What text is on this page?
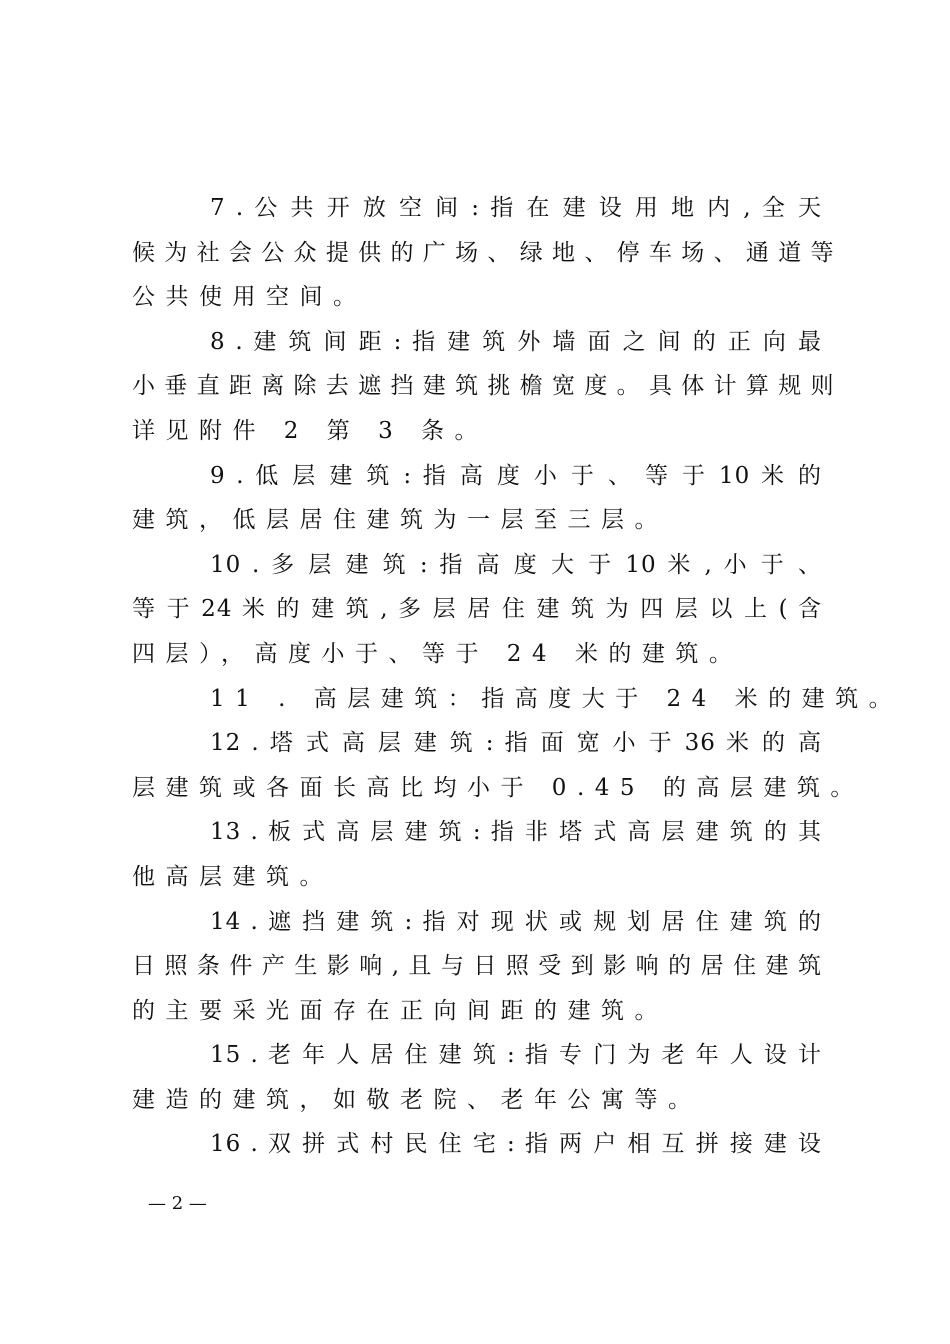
7 . 公 共 开 放 空 间 : 指 在 建 设 用 地 内 , 全 天
候 为 社 会 公 众 提 供 的 广 场 、 绿 地 、 停 车 场 、 通 道 等
公共使用空间。
8 . 建 筑 间 距 : 指 建 筑 外 墙 面 之 间 的 正 向 最
小 垂 直 距 离 除 去 遮 挡 建 筑 挑 檐 宽 度 。 具 体 计 算 规 则
详见附件 2 第 3 条。
9 . 低 层 建 筑 : 指 高 度 小 于 、 等 于 10 米 的
建筑，低层居住建筑为一层至三层。
10 . 多 层 建 筑 : 指 高 度 大 于 10 米 , 小 于 、
等 于 24 米 的 建 筑 , 多 层 居 住 建 筑 为 四 层 以 上 ( 含
四层），高度小于、等于 24 米的建筑。
11 . 高层建筑：指高度大于 24 米的建筑。
12 . 塔 式 高 层 建 筑 : 指 面 宽 小 于 36 米 的 高
层建筑或各面长高比均小于 0.45 的高层建筑。
13 . 板 式 高 层 建 筑 : 指 非 塔 式 高 层 建 筑 的 其
他高层建筑。
14 . 遮 挡 建 筑 : 指 对 现 状 或 规 划 居 住 建 筑 的
日 照 条 件 产 生 影 响 , 且 与 日 照 受 到 影 响 的 居 住 建 筑
的主要采光面存在正向间距的建筑。
15 . 老 年 人 居 住 建 筑 : 指 专 门 为 老 年 人 设 计
建造的建筑，如敬老院、老年公寓等。
16 . 双 拼 式 村 民 住 宅 : 指 两 户 相 互 拼 接 建 设
— 2 —
